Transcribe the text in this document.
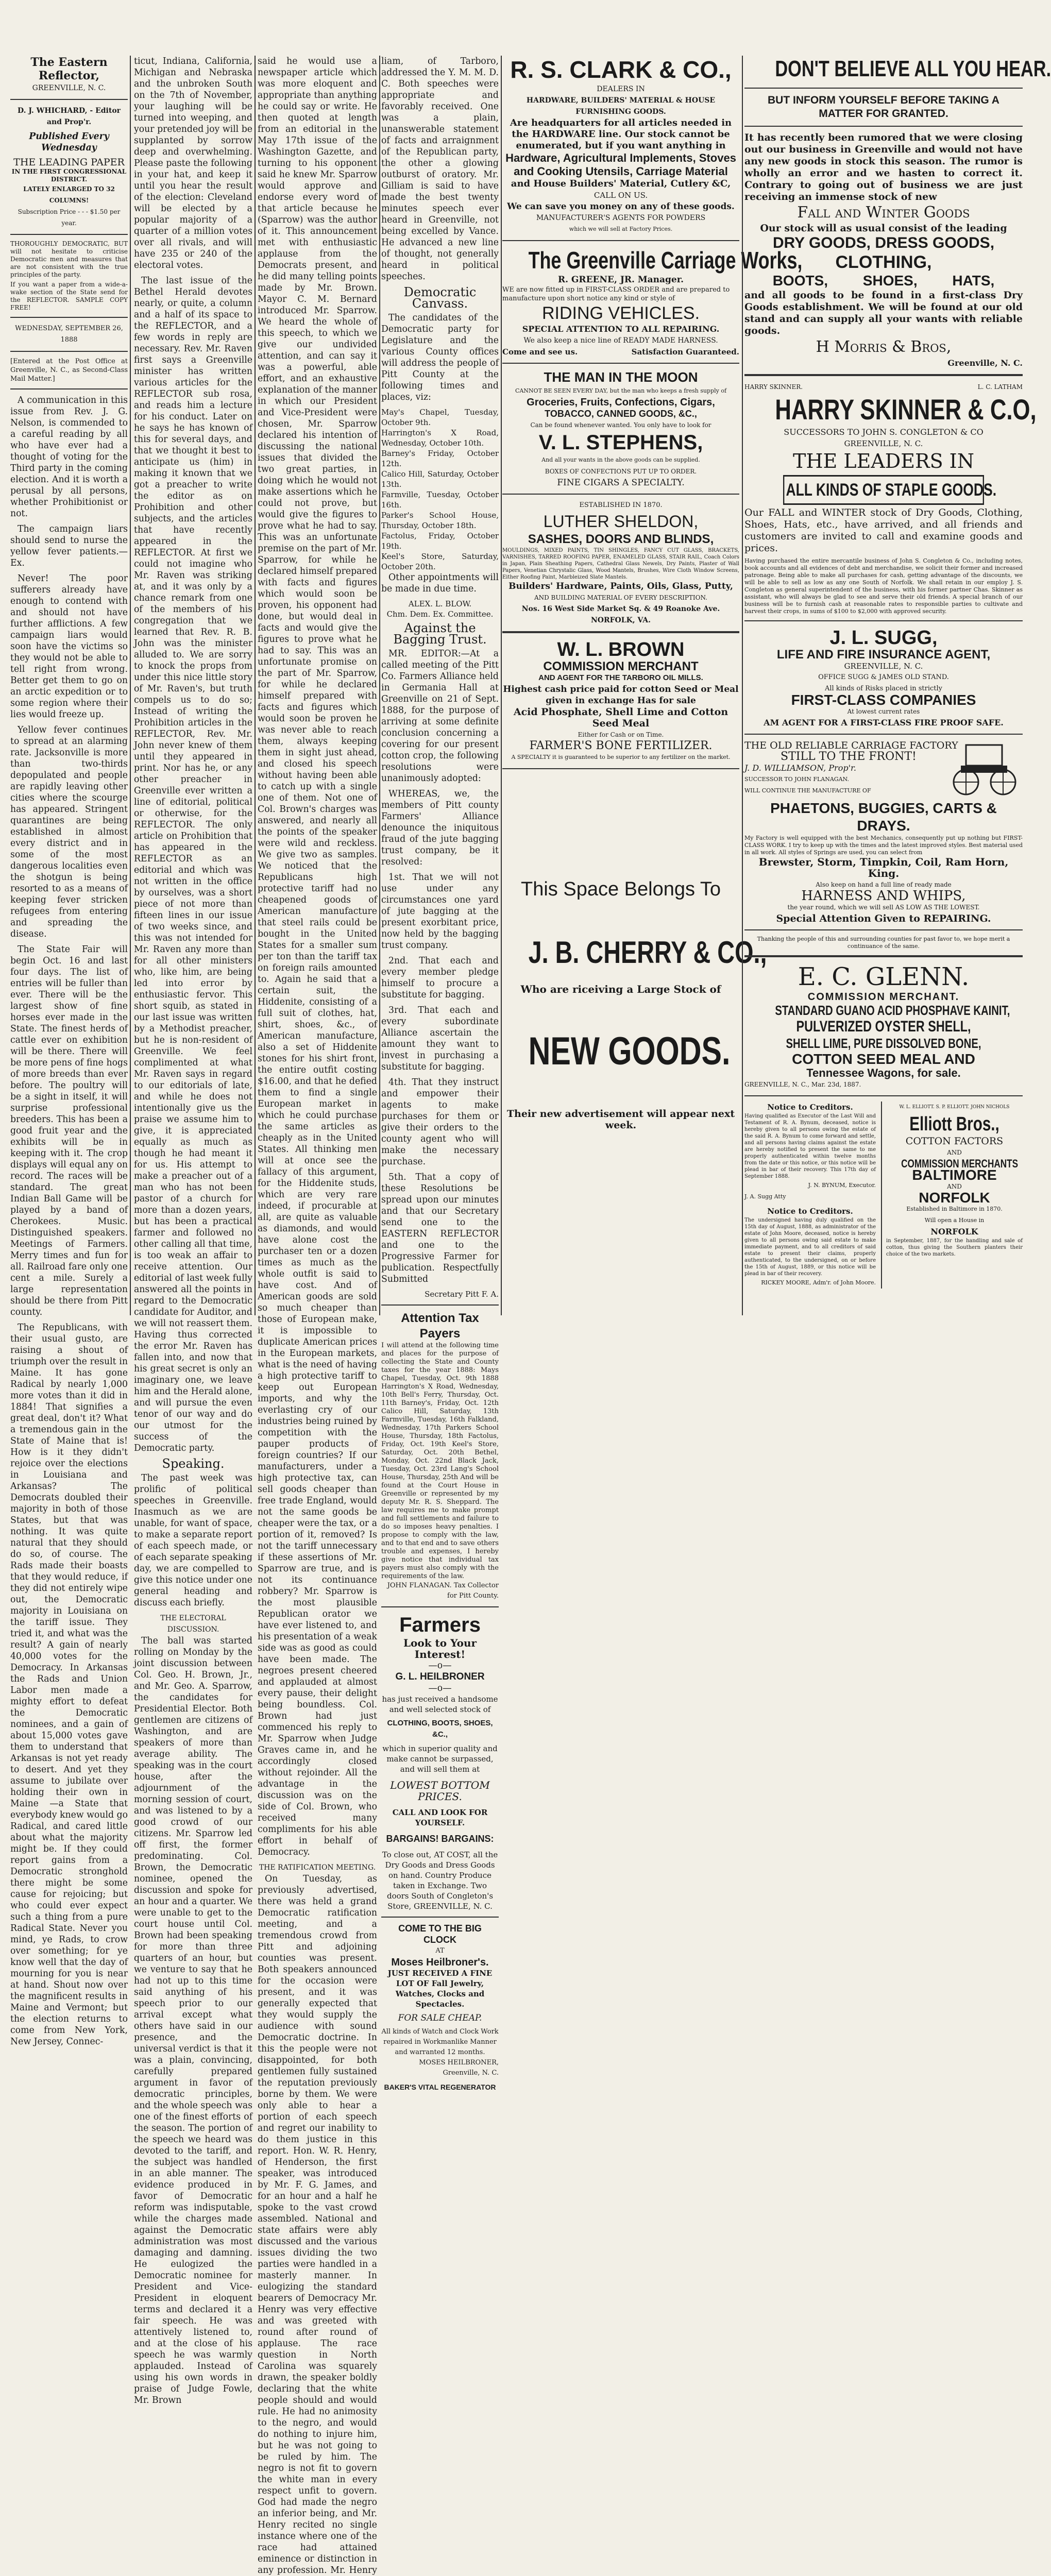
The Eastern Reflector,
GREENVILLE, N. C.
D. J. WHICHARD, - Editor and Prop'r.
Published Every Wednesday
THE LEADING PAPER
IN THE FIRST CONGRESSIONAL DISTRICT.
LATELY ENLARGED TO 32 COLUMNS!
Subscription Price - - - $1.50 per year.
THOROUGHLY DEMOCRATIC, BUT will not hesitate to criticise Democratic men and measures that are not consistent with the true principles of the party.
If you want a paper from a wide-a-wake section of the State send for the REFLECTOR. SAMPLE COPY FREE!
WEDNESDAY, SEPTEMBER 26, 1888
[Entered at the Post Office at Greenville, N. C., as Second-Class Mail Matter.]

A communication in this issue from Rev. J. G. Nelson, is commended to a careful reading by all who have ever had a thought of voting for the Third party in the coming election. And it is worth a perusal by all persons, whether Prohibitionist or not.

The campaign liars should send to nurse the yellow fever patients.—Ex.

Never! The poor sufferers already have enough to contend with and should not have further afflictions. A few campaign liars would soon have the victims so they would not be able to tell right from wrong. Better get them to go on an arctic expedition or to some region where their lies would freeze up.

Yellow fever continues to spread at an alarming rate. Jacksonville is more than two-thirds depopulated and people are rapidly leaving other cities where the scourge has appeared. Stringent quarantines are being established in almost every district and in some of the most dangerous localities even the shotgun is being resorted to as a means of keeping fever stricken refugees from entering and spreading the disease.

The State Fair will begin Oct. 16 and last four days. The list of entries will be fuller than ever. There will be the largest show of fine horses ever made in the State. The finest herds of cattle ever on exhibition will be there. There will be more pens of fine hogs of more breeds than ever before. The poultry will be a sight in itself, it will surprise professional breeders. This has been a good fruit year and the exhibits will be in keeping with it. The crop displays will equal any on record. The races will be standard. The great Indian Ball Game will be played by a band of Cherokees. Music. Distinguished speakers. Meetings of Farmers. Merry times and fun for all. Railroad fare only one cent a mile. Surely a large representation should be there from Pitt county.

The Republicans, with their usual gusto, are raising a shout of triumph over the result in Maine. It has gone Radical by nearly 1,000 more votes than it did in 1884! That signifies a great deal, don't it? What a tremendous gain in the State of Maine that is! How is it they didn't rejoice over the elections in Louisiana and Arkansas? The Democrats doubled their majority in both of those States, but that was nothing. It was quite natural that they should do so, of course. The Rads made their boasts that they would reduce, if they did not entirely wipe out, the Democratic majority in Louisiana on the tariff issue. They tried it, and what was the result? A gain of nearly 40,000 votes for the Democracy. In Arkansas the Rads and Union Labor men made a mighty effort to defeat the Democratic nominees, and a gain of about 15,000 votes gave them to understand that Arkansas is not yet ready to desert. And yet they assume to jubilate over holding their own in Maine —a State that everybody knew would go Radical, and cared little about what the majority might be. If they could report gains from a Democratic stronghold there might be some cause for rejoicing; but who could ever expect such a thing from a pure Radical State. Never you mind, ye Rads, to crow over something; for ye know well that the day of mourning for you is near at hand. Shout now over the magnificent results in Maine and Vermont; but the election returns to come from New York, New Jersey, Connec-

ticut, Indiana, California, Michigan and Nebraska and the unbroken South on the 7th of November, your laughing will be turned into weeping, and your pretended joy will be supplanted by sorrow deep and overwhelming. Please paste the following in your hat, and keep it until you hear the result of the election: Cleveland will be elected by a popular majority of a quarter of a million votes over all rivals, and will have 235 or 240 of the electoral votes.

The last issue of the Bethel Herald devotes nearly, or quite, a column and a half of its space to the REFLECTOR, and a few words in reply are necessary. Rev. Mr. Raven first says a Greenville minister has written various articles for the REFLECTOR sub rosa, and reads him a lecture for his conduct. Later on he says he has known of this for several days, and that we thought it best to anticipate us (him) in making it known that we got a preacher to write the editor as on Prohibition and other subjects, and the articles that have recently appeared in the REFLECTOR. At first we could not imagine who Mr. Raven was striking at, and it was only by a chance remark from one of the members of his congregation that we learned that Rev. R. B. John was the minister alluded to. We are sorry to knock the props from under this nice little story of Mr. Raven's, but truth compels us to do so; Instead of writing the Prohibition articles in the REFLECTOR, Rev. Mr. John never knew of them until they appeared in print. Nor has he, or any other preacher in Greenville ever written a line of editorial, political or otherwise, for the REFLECTOR. The only article on Prohibition that has appeared in the REFLECTOR as an editorial and which was not written in the office by ourselves, was a short piece of not more than fifteen lines in our issue of two weeks since, and this was not intended for Mr. Raven any more than for all other ministers who, like him, are being led into error by enthusiastic fervor. This short squib, as stated in our last issue was written by a Methodist preacher, but he is non-resident of Greenville. We feel complimented at what Mr. Raven says in regard to our editorials of late, and while he does not intentionally give us the praise we assume him to give, it is appreciated equally as much as though he had meant it for us. His attempt to make a preacher out of a man who has not been pastor of a church for more than a dozen years, but has been a practical farmer and followed no other calling all that time, is too weak an affair to receive attention. Our editorial of last week fully answered all the points in regard to the Democratic candidate for Auditor, and we will not reassert them. Having thus corrected the error Mr. Raven has fallen into, and now that his great secret is only an imaginary one, we leave him and the Herald alone, and will pursue the even tenor of our way and do our utmost for the success of the Democratic party.

Speaking.

The past week was prolific of political speeches in Greenville. Inasmuch as we are unable, for want of space, to make a separate report of each speech made, or of each separate speaking day, we are compelled to give this notice under one general heading and discuss each briefly.

THE ELECTORAL DISCUSSION.

The ball was started rolling on Monday by the joint discussion between Col. Geo. H. Brown, Jr., and Mr. Geo. A. Sparrow, the candidates for Presidential Elector. Both gentlemen are citizens of Washington, and are speakers of more than average ability. The speaking was in the court house, after the adjournment of the morning session of court, and was listened to by a good crowd of our citizens. Mr. Sparrow led off first, the former predominating. Col. Brown, the Democratic nominee, opened the discussion and spoke for an hour and a quarter. We were unable to get to the court house until Col. Brown had been speaking for more than three quarters of an hour, but we venture to say that he had not up to this time said anything of his speech prior to our arrival except what others have said in our presence, and the universal verdict is that it was a plain, convincing, carefully prepared argument in favor of democratic principles, and the whole speech was one of the finest efforts of the season. The portion of the speech we heard was devoted to the tariff, and the subject was handled in an able manner. The evidence produced in favor of Democratic reform was indisputable, while the charges made against the Democratic administration was most damaging and damning. He eulogized the Democratic nominee for President and Vice-President in eloquent terms and declared it a fair speech. He was attentively listened to, and at the close of his speech he was warmly applauded. Instead of using his own words in praise of Judge Fowle, Mr. Brown

said he would use a newspaper article which was more eloquent and appropriate than anything he could say or write. He then quoted at length from an editorial in the May 17th issue of the Washington Gazette, and turning to his opponent said he knew Mr. Sparrow would approve and endorse every word of that article because he (Sparrow) was the author of it. This announcement met with enthusiastic applause from the Democrats present, and he did many telling points made by Mr. Brown. Mayor C. M. Bernard introduced Mr. Sparrow. We heard the whole of this speech, to which we give our undivided attention, and can say it was a powerful, able effort, and an exhaustive explanation of the manner in which our President and Vice-President were chosen, Mr. Sparrow declared his intention of discussing the national issues that divided the two great parties, in doing which he would not make assertions which he could not prove, but would give the figures to prove what he had to say. This was an unfortunate premise on the part of Mr. Sparrow, for while he declared himself prepared with facts and figures which would soon be proven, his opponent had done, but would deal in facts and would give the figures to prove what he had to say. This was an unfortunate promise on the part of Mr. Sparrow, for while he declared himself prepared with facts and figures which would soon be proven he was never able to reach them, always keeping them in sight just ahead, and closed his speech without having been able to catch up with a single one of them. Not one of Col. Brown's charges was answered, and nearly all the points of the speaker were wild and reckless. We give two as samples. We noticed that the Republicans high protective tariff had no cheapened goods of American manufacture that steel rails could be bought in the United States for a smaller sum per ton than the tariff tax on foreign rails amounted to. Again he said that a certain suit, the Hiddenite, consisting of a full suit of clothes, hat, shirt, shoes, &c., of American manufacture, also a set of Hiddenite stones for his shirt front, the entire outfit costing $16.00, and that he defied them to find a single European market in which he could purchase the same articles as cheaply as in the United States. All thinking men will at once see the fallacy of this argument, for the Hiddenite studs, which are very rare indeed, if procurable at all, are quite as valuable as diamonds, and would have alone cost the purchaser ten or a dozen times as much as the whole outfit is said to have cost. And of American goods are sold so much cheaper than those of European make, it is impossible to duplicate American prices in the European markets, what is the need of having a high protective tariff to keep out European imports, and why the everlasting cry of our industries being ruined by competition with the pauper products of foreign countries? If our manufacturers, under a high protective tax, can sell goods cheaper than free trade England, would not the same goods be cheaper were the tax, or a portion of it, removed? Is not the tariff unnecessary if these assertions of Mr. Sparrow are true, and is not its continuance robbery? Mr. Sparrow is the most plausible Republican orator we have ever listened to, and his presentation of a weak side was as good as could have been made. The negroes present cheered and applauded at almost every pause, their delight being boundless. Col. Brown had just commenced his reply to Mr. Sparrow when Judge Graves came in, and he accordingly closed without rejoinder. All the advantage in the discussion was on the side of Col. Brown, who received many compliments for his able effort in behalf of Democracy.

THE RATIFICATION MEETING.

On Tuesday, as previously advertised, there was held a grand Democratic ratification meeting, and a tremendous crowd from Pitt and adjoining counties was present. Both speakers announced for the occasion were present, and it was generally expected that they would supply the audience with sound Democratic doctrine. In this the people were not disappointed, for both gentlemen fully sustained the reputation previously borne by them. We were only able to hear a portion of each speech and regret our inability to do them justice in this report. Hon. W. R. Henry, of Henderson, the first speaker, was introduced by Mr. F. G. James, and for an hour and a half he spoke to the vast crowd assembled. National and state affairs were ably discussed and the various issues dividing the two parties were handled in a masterly manner. In eulogizing the standard bearers of Democracy Mr. Henry was very effective and was greeted with round after round of applause. The race question in North Carolina was squarely drawn, the speaker boldly declaring that the white people should and would rule. He had no animosity to the negro, and would do nothing to injure him, but he was not going to be ruled by him. The negro is not fit to govern the white man in every respect unfit to govern. God had made the negro an inferior being, and Mr. Henry recited no single instance where one of the race had attained eminence or distinction in any profession. Mr. Henry

liam, of Tarboro, addressed the Y. M. M. D. C. Both speeches were appropriate and favorably received. One was a plain, unanswerable statement of facts and arraignment of the Republican party, the other a glowing outburst of oratory. Mr. Gilliam is said to have made the best twenty minutes speech ever heard in Greenville, not being excelled by Vance. He advanced a new line of thought, not generally heard in political speeches.

Democratic Canvass.

The candidates of the Democratic party for Legislature and the various County offices will address the people of Pitt County at the following times and places, viz:

May's Chapel, Tuesday, October 9th.
Harrington's X Road, Wednesday, October 10th.
Barney's Friday, October 12th.
Calico Hill, Saturday, October 13th.
Farmville, Tuesday, October 16th.
Parker's School House, Thursday, October 18th.
Factolus, Friday, October 19th.
Keel's Store, Saturday, October 20th.

Other appointments will be made in due time.

ALEX. L. BLOW.
Chm. Dem. Ex. Committee.
Against the Bagging Trust.

MR. EDITOR:—At a called meeting of the Pitt Co. Farmers Alliance held in Germania Hall at Greenville on 21 of Sept. 1888, for the purpose of arriving at some definite conclusion concerning a covering for our present cotton crop, the following resolutions were unanimously adopted:

WHEREAS, we, the members of Pitt county Farmers' Alliance denounce the iniquitous fraud of the jute bagging trust company, be it resolved:

1st. That we will not use under any circumstances one yard of jute bagging at the present exorbitant price, now held by the bagging trust company.

2nd. That each and every member pledge himself to procure a substitute for bagging.

3rd. That each and every subordinate Alliance ascertain the amount they want to invest in purchasing a substitute for bagging.

4th. That they instruct and empower their agents to make purchases for them or give their orders to the county agent who will make the necessary purchase.

5th. That a copy of these Resolutions be spread upon our minutes and that our Secretary send one to the EASTERN REFLECTOR and one to the Progressive Farmer for publication. Respectfully Submitted

Secretary Pitt F. A.
Attention Tax Payers
I will attend at the following time and places for the purpose of collecting the State and County taxes for the year 1888: Mays Chapel, Tuesday, Oct. 9th 1888 Harrington's X Road, Wednesday, 10th Bell's Ferry, Thursday, Oct. 11th Barney's, Friday, Oct. 12th Calico Hill, Saturday, 13th Farmville, Tuesday, 16th Falkland, Wednesday, 17th Parkers School House, Thursday, 18th Factolus, Friday, Oct. 19th Keel's Store, Saturday, Oct. 20th Bethel, Monday, Oct. 22nd Black Jack, Tuesday, Oct. 23rd Lang's School House, Thursday, 25th And will be found at the Court House in Greenville or represented by my deputy Mr. R. S. Sheppard. The law requires me to make prompt and full settlements and failure to do so imposes heavy penalties. I propose to comply with the law, and to that end and to save others trouble and expenses, I hereby give notice that individual tax payers must also comply with the requirements of the law.
JOHN FLANAGAN. Tax Collector for Pitt County.
Farmers
Look to Your Interest!
—o—
G. L. HEILBRONER
—o—
has just received a handsome and well selected stock of
CLOTHING, BOOTS, SHOES, &C.,
which in superior quality and make cannot be surpassed, and will sell them at
LOWEST BOTTOM PRICES.
CALL AND LOOK FOR YOURSELF.
BARGAINS! BARGAINS:
To close out, AT COST, all the Dry Goods and Dress Goods on hand. Country Produce taken in Exchange. Two doors South of Congleton's Store, GREENVILLE, N. C.
COME TO THE BIG CLOCK
AT
Moses Heilbroner's.
JUST RECEIVED A FINE LOT OF Fall Jewelry, Watches, Clocks and Spectacles.
FOR SALE CHEAP.
All kinds of Watch and Clock Work repaired in Workmanlike Manner and warranted 12 months.
MOSES HEILBRONER, Greenville, N. C.
BAKER'S VITAL REGENERATOR
R. S. CLARK & CO.,
DEALERS IN
HARDWARE, BUILDERS' MATERIAL & HOUSE FURNISHING GOODS.
Are headquarters for all articles needed in the HARDWARE line. Our stock cannot be enumerated, but if you want anything in
Hardware, Agricultural Implements, Stoves and Cooking Utensils, Carriage Material
and House Builders' Material, Cutlery &C,
CALL ON US.
We can save you money on any of these goods.
MANUFACTURER'S AGENTS FOR POWDERS
which we will sell at Factory Prices.
The Greenville Carriage Works,
R. GREENE, JR. Manager.
WE are now fitted up in FIRST-CLASS ORDER and are prepared to manufacture upon short notice any kind or style of
RIDING VEHICLES.
SPECIAL ATTENTION TO ALL REPAIRING.
We also keep a nice line of READY MADE HARNESS.
Come and see us.	Satisfaction Guaranteed.
THE MAN IN THE MOON
CANNOT BE SEEN EVERY DAY, but the man who keeps a fresh supply of
Groceries, Fruits, Confections, Cigars,
TOBACCO, CANNED GOODS, &C.,
Can be found whenever wanted. You only have to look for
V. L. STEPHENS,
And all your wants in the above goods can be supplied.
BOXES OF CONFECTIONS PUT UP TO ORDER.
FINE CIGARS A SPECIALTY.
ESTABLISHED IN 1870.
LUTHER SHELDON,
SASHES, DOORS AND BLINDS,
MOULDINGS, MIXED PAINTS, TIN SHINGLES, FANCY CUT GLASS, BRACKETS, VARNISHES, TARRED ROOFING PAPER, ENAMELED GLASS, STAIR RAIL, Coach Colors in Japan, Plain Sheathing Papers, Cathedral Glass Newels, Dry Paints, Plaster of Wall Papers, Venetian Chrystalic Glass, Wood Mantels, Brushes, Wire Cloth Window Screens, Either Roofing Paint, Marbleized Slate Mantels.
Builders' Hardware, Paints, Oils, Glass, Putty,
AND BUILDING MATERIAL OF EVERY DESCRIPTION.
Nos. 16 West Side Market Sq. & 49 Roanoke Ave.
NORFOLK, VA.
W. L. BROWN
COMMISSION MERCHANT
AND AGENT FOR THE TARBORO OIL MILLS.
Highest cash price paid for cotton Seed or Meal given in exchange Has for sale
Acid Phosphate, Shell Lime and Cotton Seed Meal
Either for Cash or on Time.
FARMER'S BONE FERTILIZER.
A SPECIALTY it is guaranteed to be superior to any fertilizer on the market.
This Space Belongs To
J. B. CHERRY & CO.,
Who are riceiving a Large Stock of
NEW GOODS.
Their new advertisement will appear next week.
DON'T BELIEVE ALL YOU HEAR.
BUT INFORM YOURSELF BEFORE TAKING A MATTER FOR GRANTED.
It has recently been rumored that we were closing out our business in Greenville and would not have any new goods in stock this season. The rumor is wholly an error and we hasten to correct it. Contrary to going out of business we are just receiving an immense stock of new
Fall and Winter Goods
Our stock will as usual consist of the leading
DRY GOODS, DRESS GOODS,
CLOTHING,
BOOTS, SHOES, HATS,
and all goods to be found in a first-class Dry Goods establishment. We will be found at our old stand and can supply all your wants with reliable goods.
H Morris & Bros,
Greenville, N. C.
HARRY SKINNER.	L. C. LATHAM
HARRY SKINNER & C.O,
SUCCESSORS TO JOHN S. CONGLETON & CO
GREENVILLE, N. C.
THE LEADERS IN
ALL KINDS OF STAPLE GOODS.
Our FALL and WINTER stock of Dry Goods, Clothing, Shoes, Hats, etc., have arrived, and all friends and customers are invited to call and examine goods and prices.
Having purchased the entire mercantile business of John S. Congleton & Co., including notes, book accounts and all evidences of debt and merchandise, we solicit their former and increased patronage. Being able to make all purchases for cash, getting advantage of the discounts, we will be able to sell as low as any one South of Norfolk. We shall retain in our employ J. S. Congleton as general superintendent of the business, with his former partner Chas. Skinner as assistant, who will always be glad to see and serve their old friends. A special branch of our business will be to furnish cash at reasonable rates to responsible parties to cultivate and harvest their crops, in sums of $100 to $2,000 with approved security.
J. L. SUGG,
LIFE AND FIRE INSURANCE AGENT,
GREENVILLE, N. C.
OFFICE SUGG & JAMES OLD STAND.
All kinds of Risks placed in strictly
FIRST-CLASS COMPANIES
At lowest current rates
AM AGENT FOR A FIRST-CLASS FIRE PROOF SAFE.
THE OLD RELIABLE CARRIAGE FACTORY
STILL TO THE FRONT!
J. D. WILLIAMSON, Prop'r.
SUCCESSOR TO JOHN FLANAGAN.
WILL CONTINUE THE MANUFACTURE OF
PHAETONS, BUGGIES, CARTS & DRAYS.
My Factory is well equipped with the best Mechanics, consequently put up nothing but FIRST-CLASS WORK. I try to keep up with the times and the latest improved styles. Best material used in all work. All styles of Springs are used, you can select from
Brewster, Storm, Timpkin, Coil, Ram Horn, King.
Also keep on hand a full line of ready made
HARNESS AND WHIPS,
the year round, which we will sell AS LOW AS THE LOWEST.
Special Attention Given to REPAIRING.
Thanking the people of this and surrounding counties for past favor to, we hope merit a continuance of the same.
E. C. GLENN.
COMMISSION MERCHANT.
STANDARD GUANO ACID PHOSPHAVE KAINIT,
PULVERIZED OYSTER SHELL,
SHELL LIME, PURE DISSOLVED BONE,
COTTON SEED MEAL AND
Tennessee Wagons, for sale.
GREENVILLE, N. C., Mar. 23d, 1887.
Notice to Creditors.
Having qualified as Executor of the Last Will and Testament of R. A. Bynum, deceased, notice is hereby given to all persons owing the estate of the said R. A. Bynum to come forward and settle, and all persons having claims against the estate are hereby notified to present the same to me properly authenticated within twelve months from the date or this notice, or this notice will be plead in bar of their recovery. This 17th day of September 1888.
J. N. BYNUM, Executor.
J. A. Sugg Atty
Notice to Creditors.
The undersigned having duly qualified on the 15th day of August, 1888, as administrator of the estate of John Moore, deceased, notice is hereby given to all persons owing said estate to make immediate payment, and to all creditors of said estate to present their claims, properly authenticated, to the undersigned, on or before the 15th of August, 1889, or this notice will be plead in bar of their recovery.
RICKEY MOORE, Adm'r. of John Moore.
W. L. ELLIOTT. S. P. ELLIOTT. JOHN NICHOLS
Elliott Bros.,
COTTON FACTORS
AND
COMMISSION MERCHANTS
BALTIMORE
AND
NORFOLK
Established in Baltimore in 1870.
Will open a House in
NORFOLK
in September, 1887, for the handling and sale of cotton, thus giving the Southern planters their choice of the two markets.
